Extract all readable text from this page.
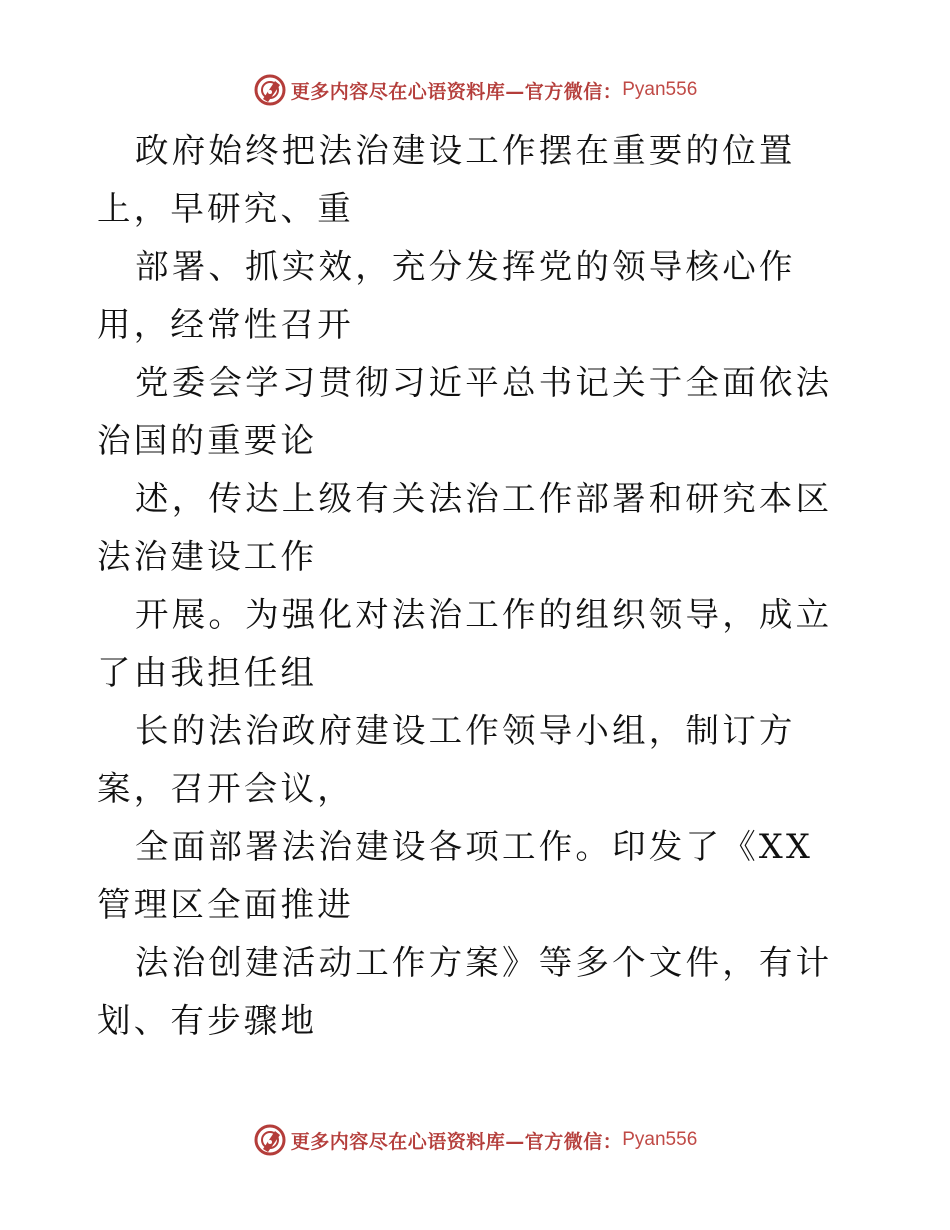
更多内容尽在心语资料库—官方微信： Pyan556

政府始终把法治建设工作摆在重要的位置上，早研究、重

部署、抓实效，充分发挥党的领导核心作用，经常性召开

党委会学习贯彻习近平总书记关于全面依法治国的重要论

述，传达上级有关法治工作部署和研究本区法治建设工作

开展。为强化对法治工作的组织领导，成立了由我担任组

长的法治政府建设工作领导小组，制订方案，召开会议，

全面部署法治建设各项工作。印发了《XX 管理区全面推进

法治创建活动工作方案》等多个文件，有计划、有步骤地

更多内容尽在心语资料库—官方微信： Pyan556
